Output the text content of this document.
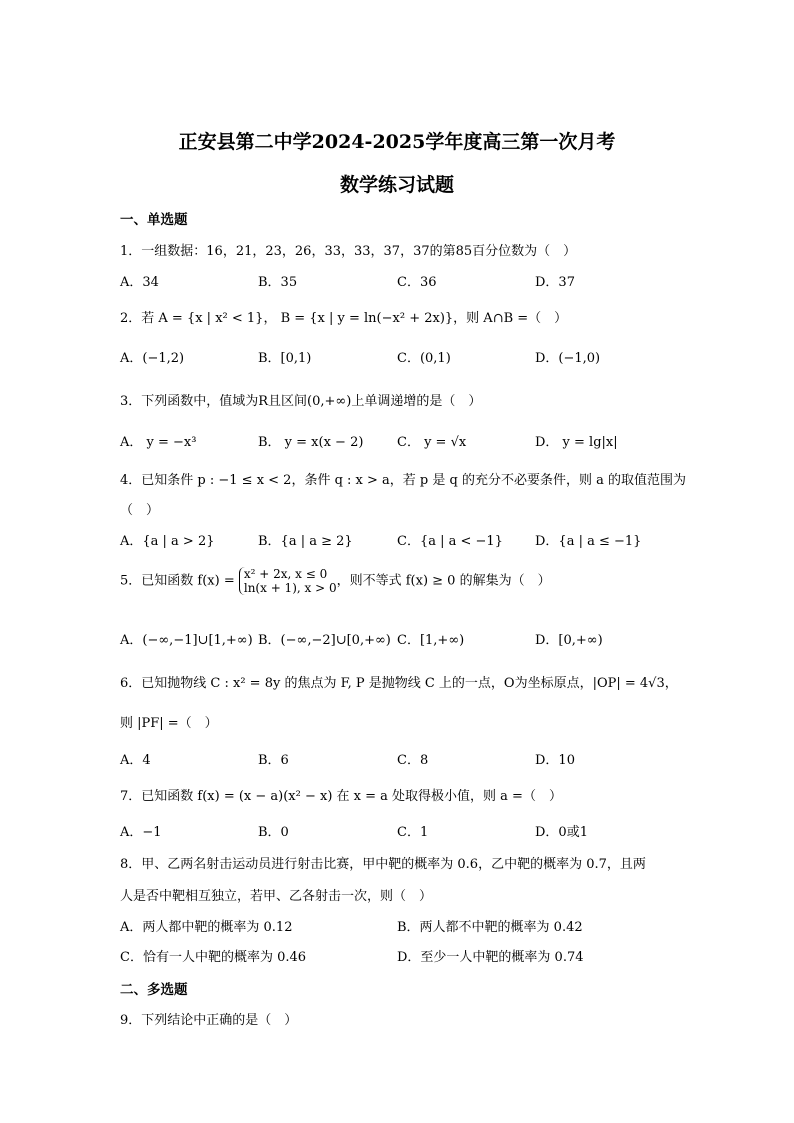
正安县第二中学2024-2025学年度高三第一次月考
数学练习试题
一、单选题
1．一组数据：16，21，23，26，33，33，37，37的第85百分位数为（　）
A．34	B．35	C．36	D．37
2．若 A = {x | x² < 1}， B = {x | y = ln(−x² + 2x)}，则 A∩B =（　）
A．(−1,2)	B．[0,1)	C．(0,1)	D．(−1,0)
3．下列函数中，值域为R且区间(0,+∞)上单调递增的是（　）
A． y = −x³	B． y = x(x − 2)	C． y = √x	D． y = lg|x|
4．已知条件 p : −1 ≤ x < 2，条件 q : x > a，若 p 是 q 的充分不必要条件，则 a 的取值范围为
（　）
A．{a | a > 2}	B．{a | a ≥ 2}	C．{a | a < −1} D．{a | a ≤ −1}
5．已知函数 f(x) = x² + 2x, x ≤ 0
ln(x + 1), x > 0 ，则不等式 f(x) ≥ 0 的解集为（　）
A．(−∞,−1]∪[1,+∞) B．(−∞,−2]∪[0,+∞) C．[1,+∞)	D．[0,+∞)
6．已知抛物线 C : x² = 8y 的焦点为 F, P 是抛物线 C 上的一点，O为坐标原点，|OP| = 4√3，
则 |PF| =（　）
A．4	B．6	C．8	D．10
7．已知函数 f(x) = (x − a)(x² − x) 在 x = a 处取得极小值，则 a =（　）
A．−1	B．0	C．1	D．0或1
8．甲、乙两名射击运动员进行射击比赛，甲中靶的概率为 0.6，乙中靶的概率为 0.7，且两
人是否中靶相互独立，若甲、乙各射击一次，则（　）
A．两人都中靶的概率为 0.12	B．两人都不中靶的概率为 0.42
C．恰有一人中靶的概率为 0.46	D．至少一人中靶的概率为 0.74
二、多选题
9．下列结论中正确的是（　）
